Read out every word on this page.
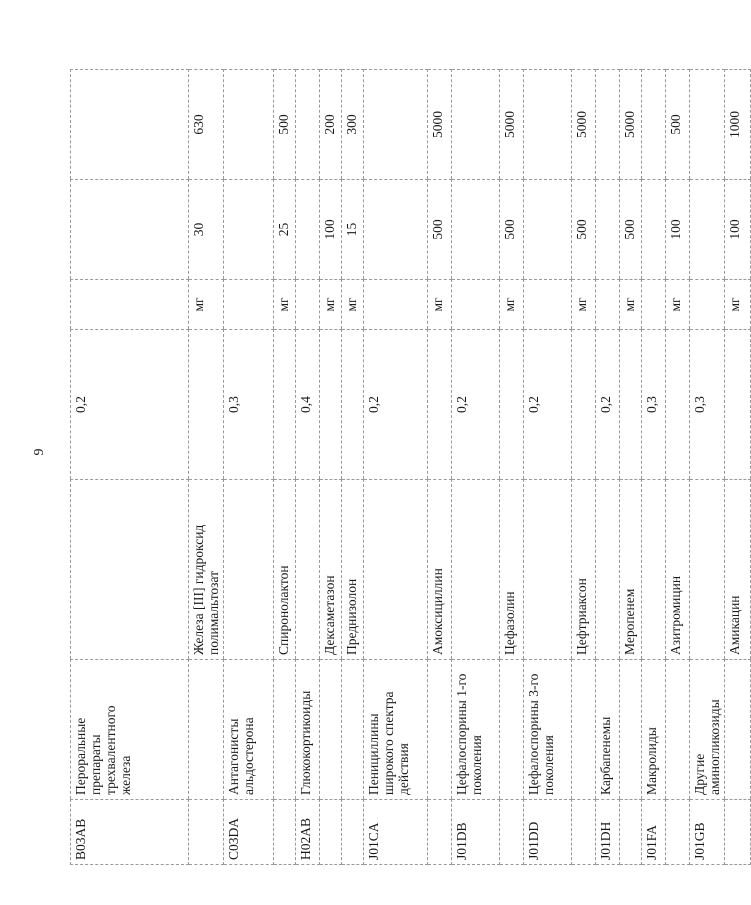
9
B03AB	Пероральные препараты трехвалентного железа		0,2			

		Железа [III] гидроксид полимальтозат		мг	30	630

C03DA	Антагонисты альдостерона		0,3			

		Спиронолактон		мг	25	500

H02AB	Глюкокортикоиды		0,4			

		Дексаметазон		мг	100	200

		Преднизолон		мг	15	300

J01CA	Пенициллины широкого спектра действия		0,2			

		Амоксициллин		мг	500	5000

J01DB	Цефалоспорины 1-го поколения		0,2			

		Цефазолин		мг	500	5000

J01DD	Цефалоспорины 3-го поколения		0,2			

		Цефтриаксон		мг	500	5000

J01DH	Карбапенемы		0,2			

		Меропенем		мг	500	5000

J01FA	Макролиды		0,3			

		Азитромицин		мг	100	500

J01GB	Другие аминогликозиды		0,3			

		Амикацин		мг	100	1000
